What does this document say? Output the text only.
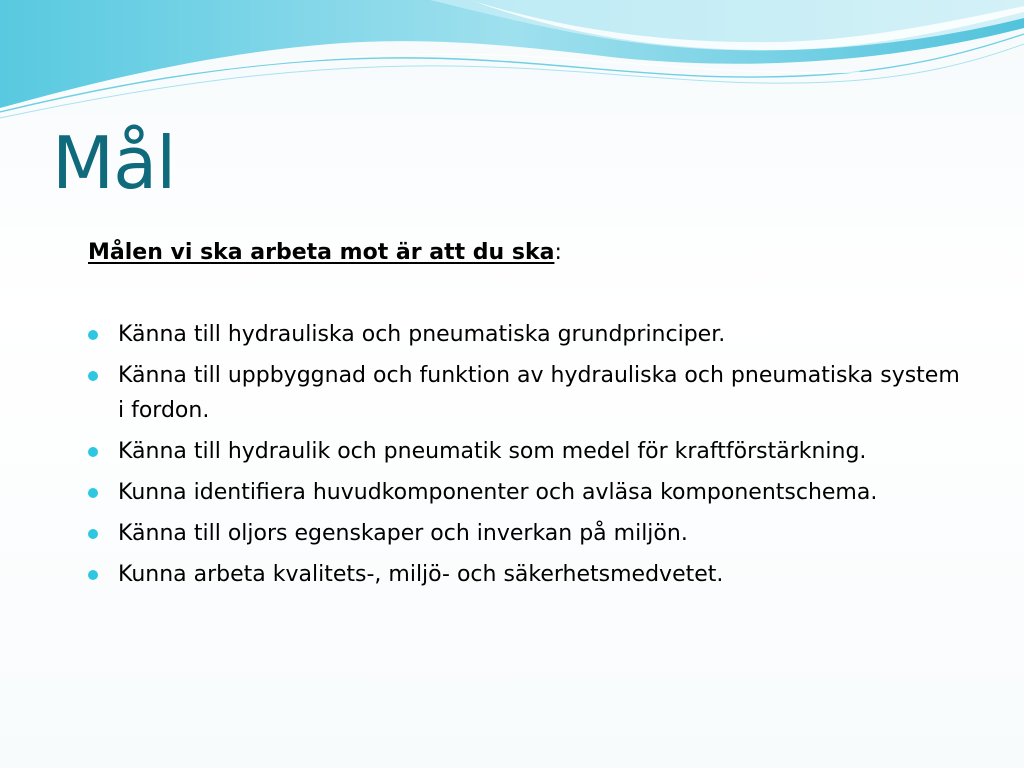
Mål

Målen vi ska arbeta mot är att du ska:

Känna till hydrauliska och pneumatiska grundprinciper.
Känna till uppbyggnad och funktion av hydrauliska och pneumatiska system i fordon.
Känna till hydraulik och pneumatik som medel för kraftförstärkning.
Kunna identifiera huvudkomponenter och avläsa komponentschema.
Känna till oljors egenskaper och inverkan på miljön.
Kunna arbeta kvalitets-, miljö- och säkerhetsmedvetet.
